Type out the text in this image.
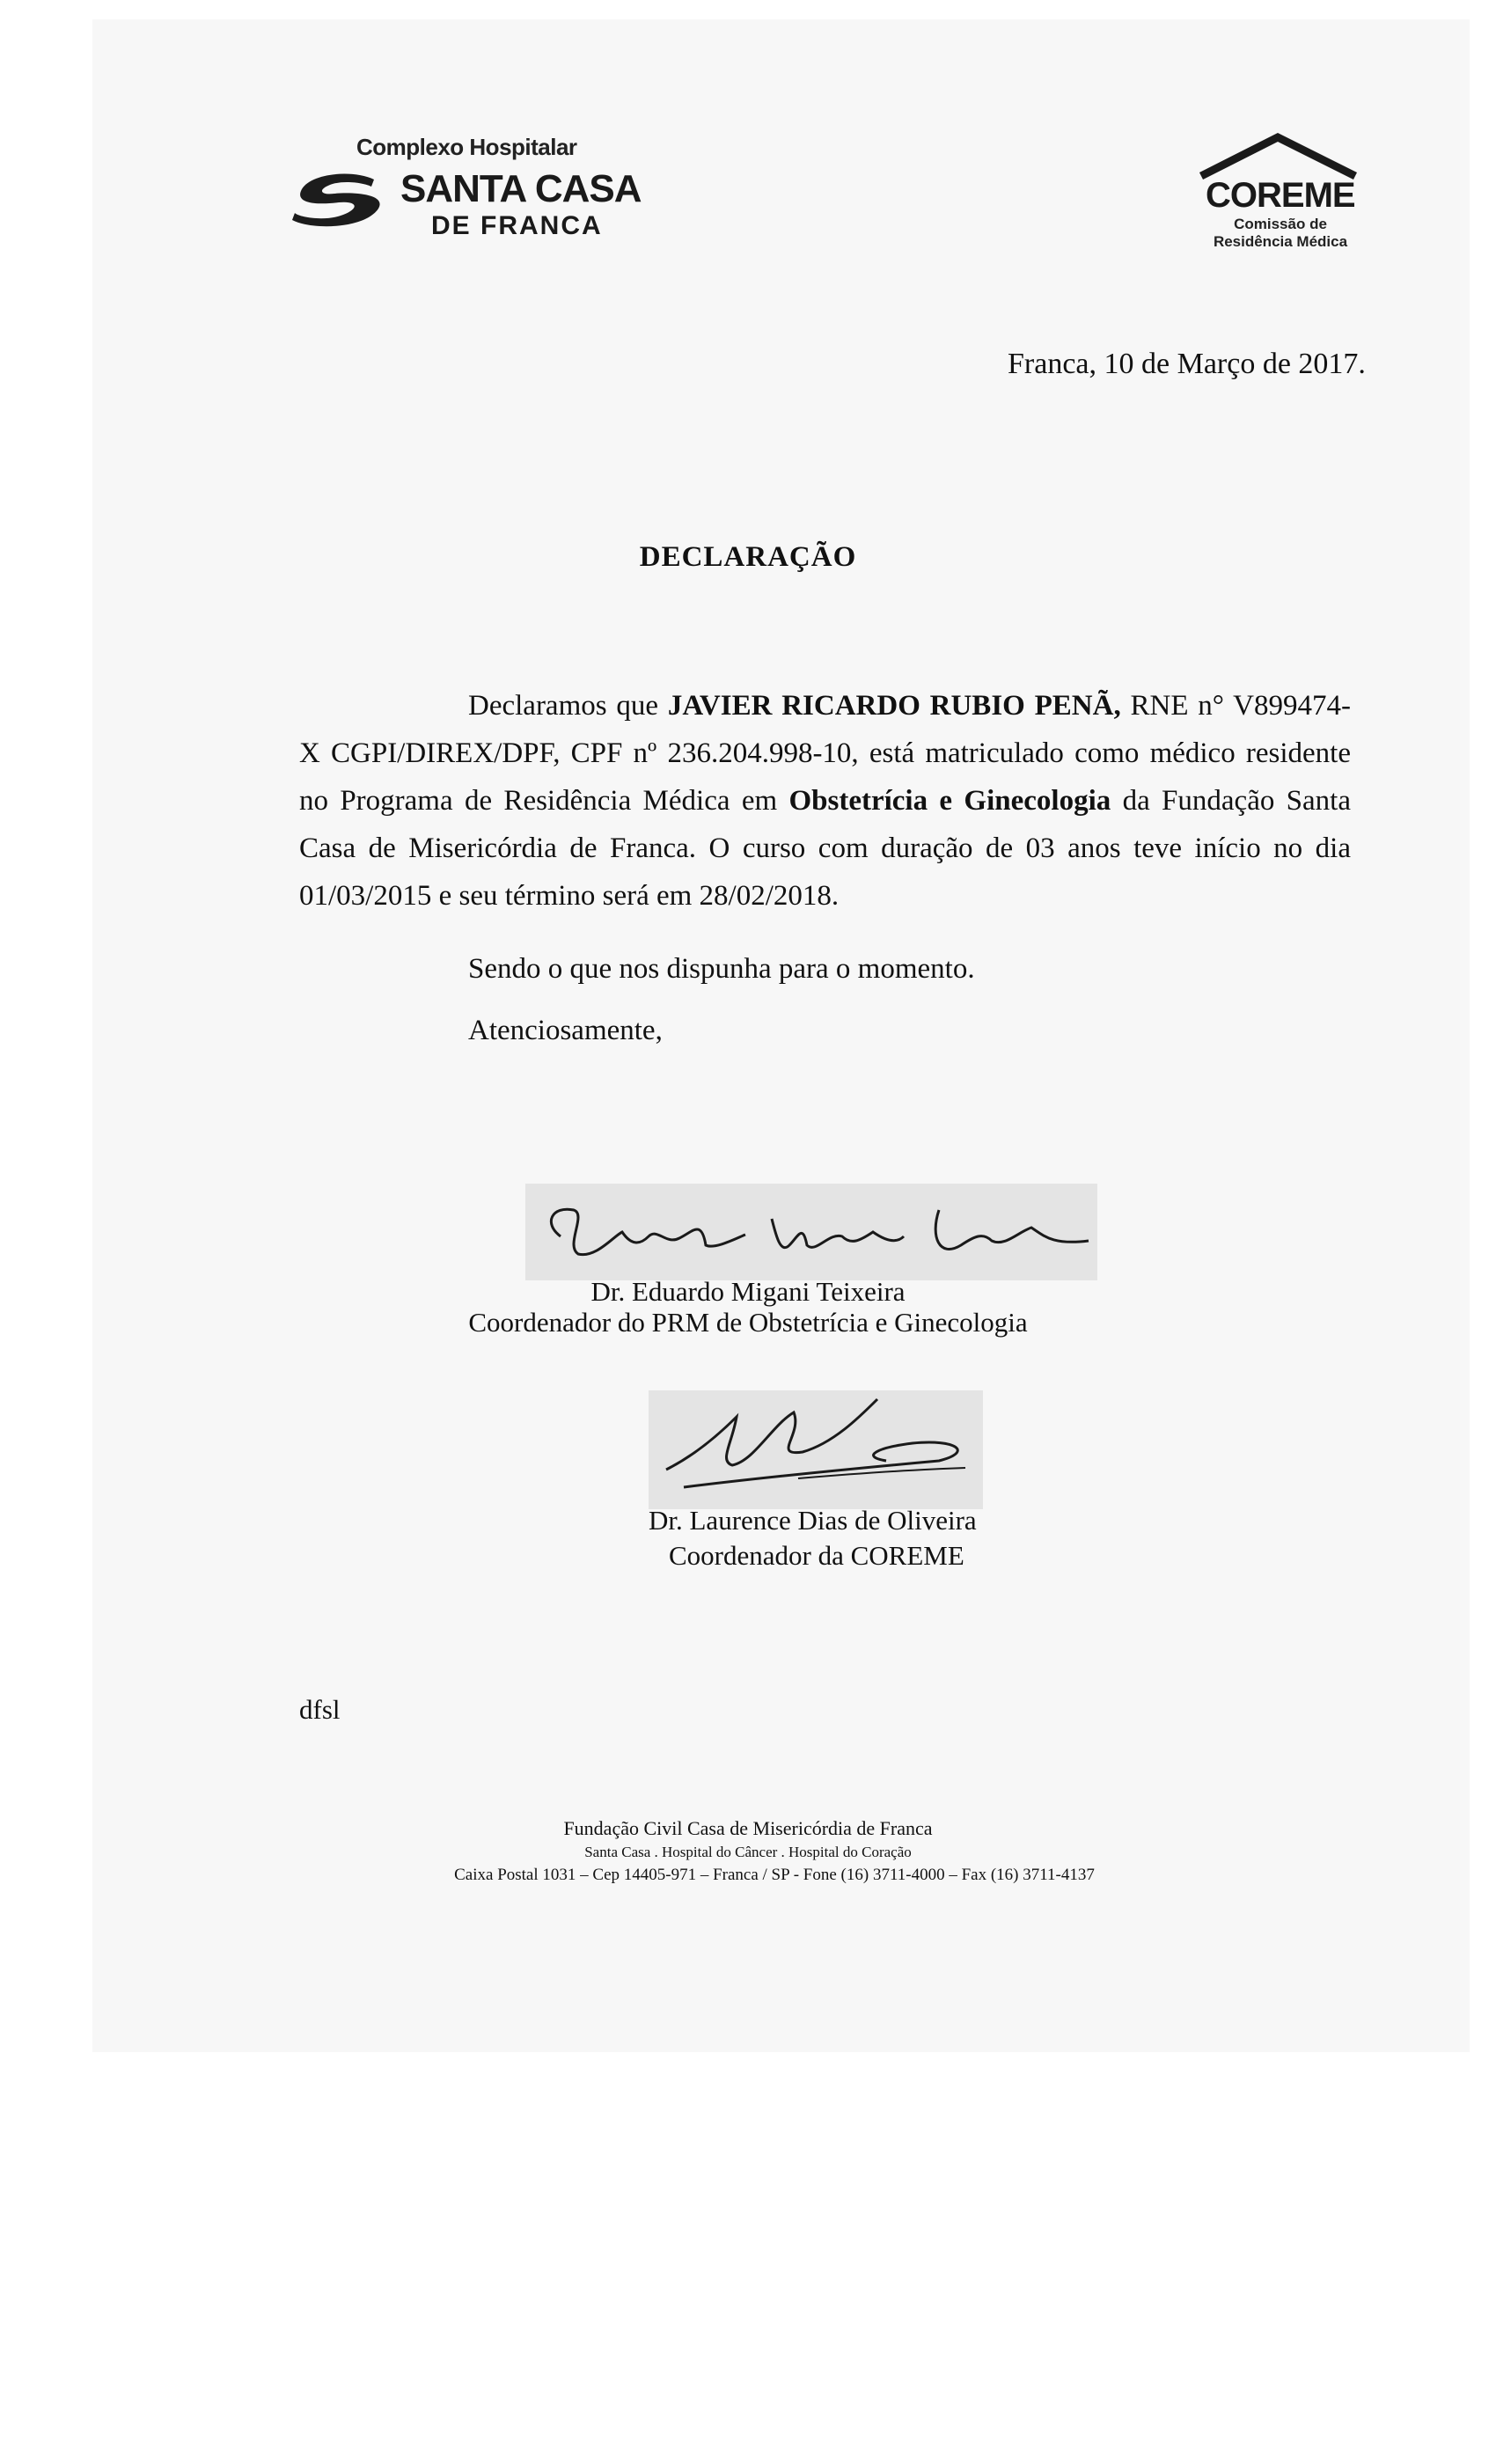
Complexo Hospitalar
SANTA CASA
DE FRANCA
COREME
Comissão de
Residência Médica
Franca, 10 de Março de 2017.
DECLARAÇÃO

Declaramos que JAVIER RICARDO RUBIO PENÃ, RNE n° V899474-X CGPI/DIREX/DPF, CPF nº 236.204.998-10, está matriculado como médico residente no Programa de Residência Médica em Obstetrícia e Ginecologia da Fundação Santa Casa de Misericórdia de Franca. O curso com duração de 03 anos teve início no dia 01/03/2015 e seu término será em 28/02/2018.

Sendo o que nos dispunha para o momento.
Atenciosamente,
Dr. Eduardo Migani Teixeira
Coordenador do PRM de Obstetrícia e Ginecologia
Dr. Laurence Dias de Oliveira
Coordenador da COREME
dfsl
Fundação Civil Casa de Misericórdia de Franca
Santa Casa . Hospital do Câncer . Hospital do Coração
Caixa Postal 1031 – Cep 14405-971 – Franca / SP - Fone (16) 3711-4000 – Fax (16) 3711-4137
